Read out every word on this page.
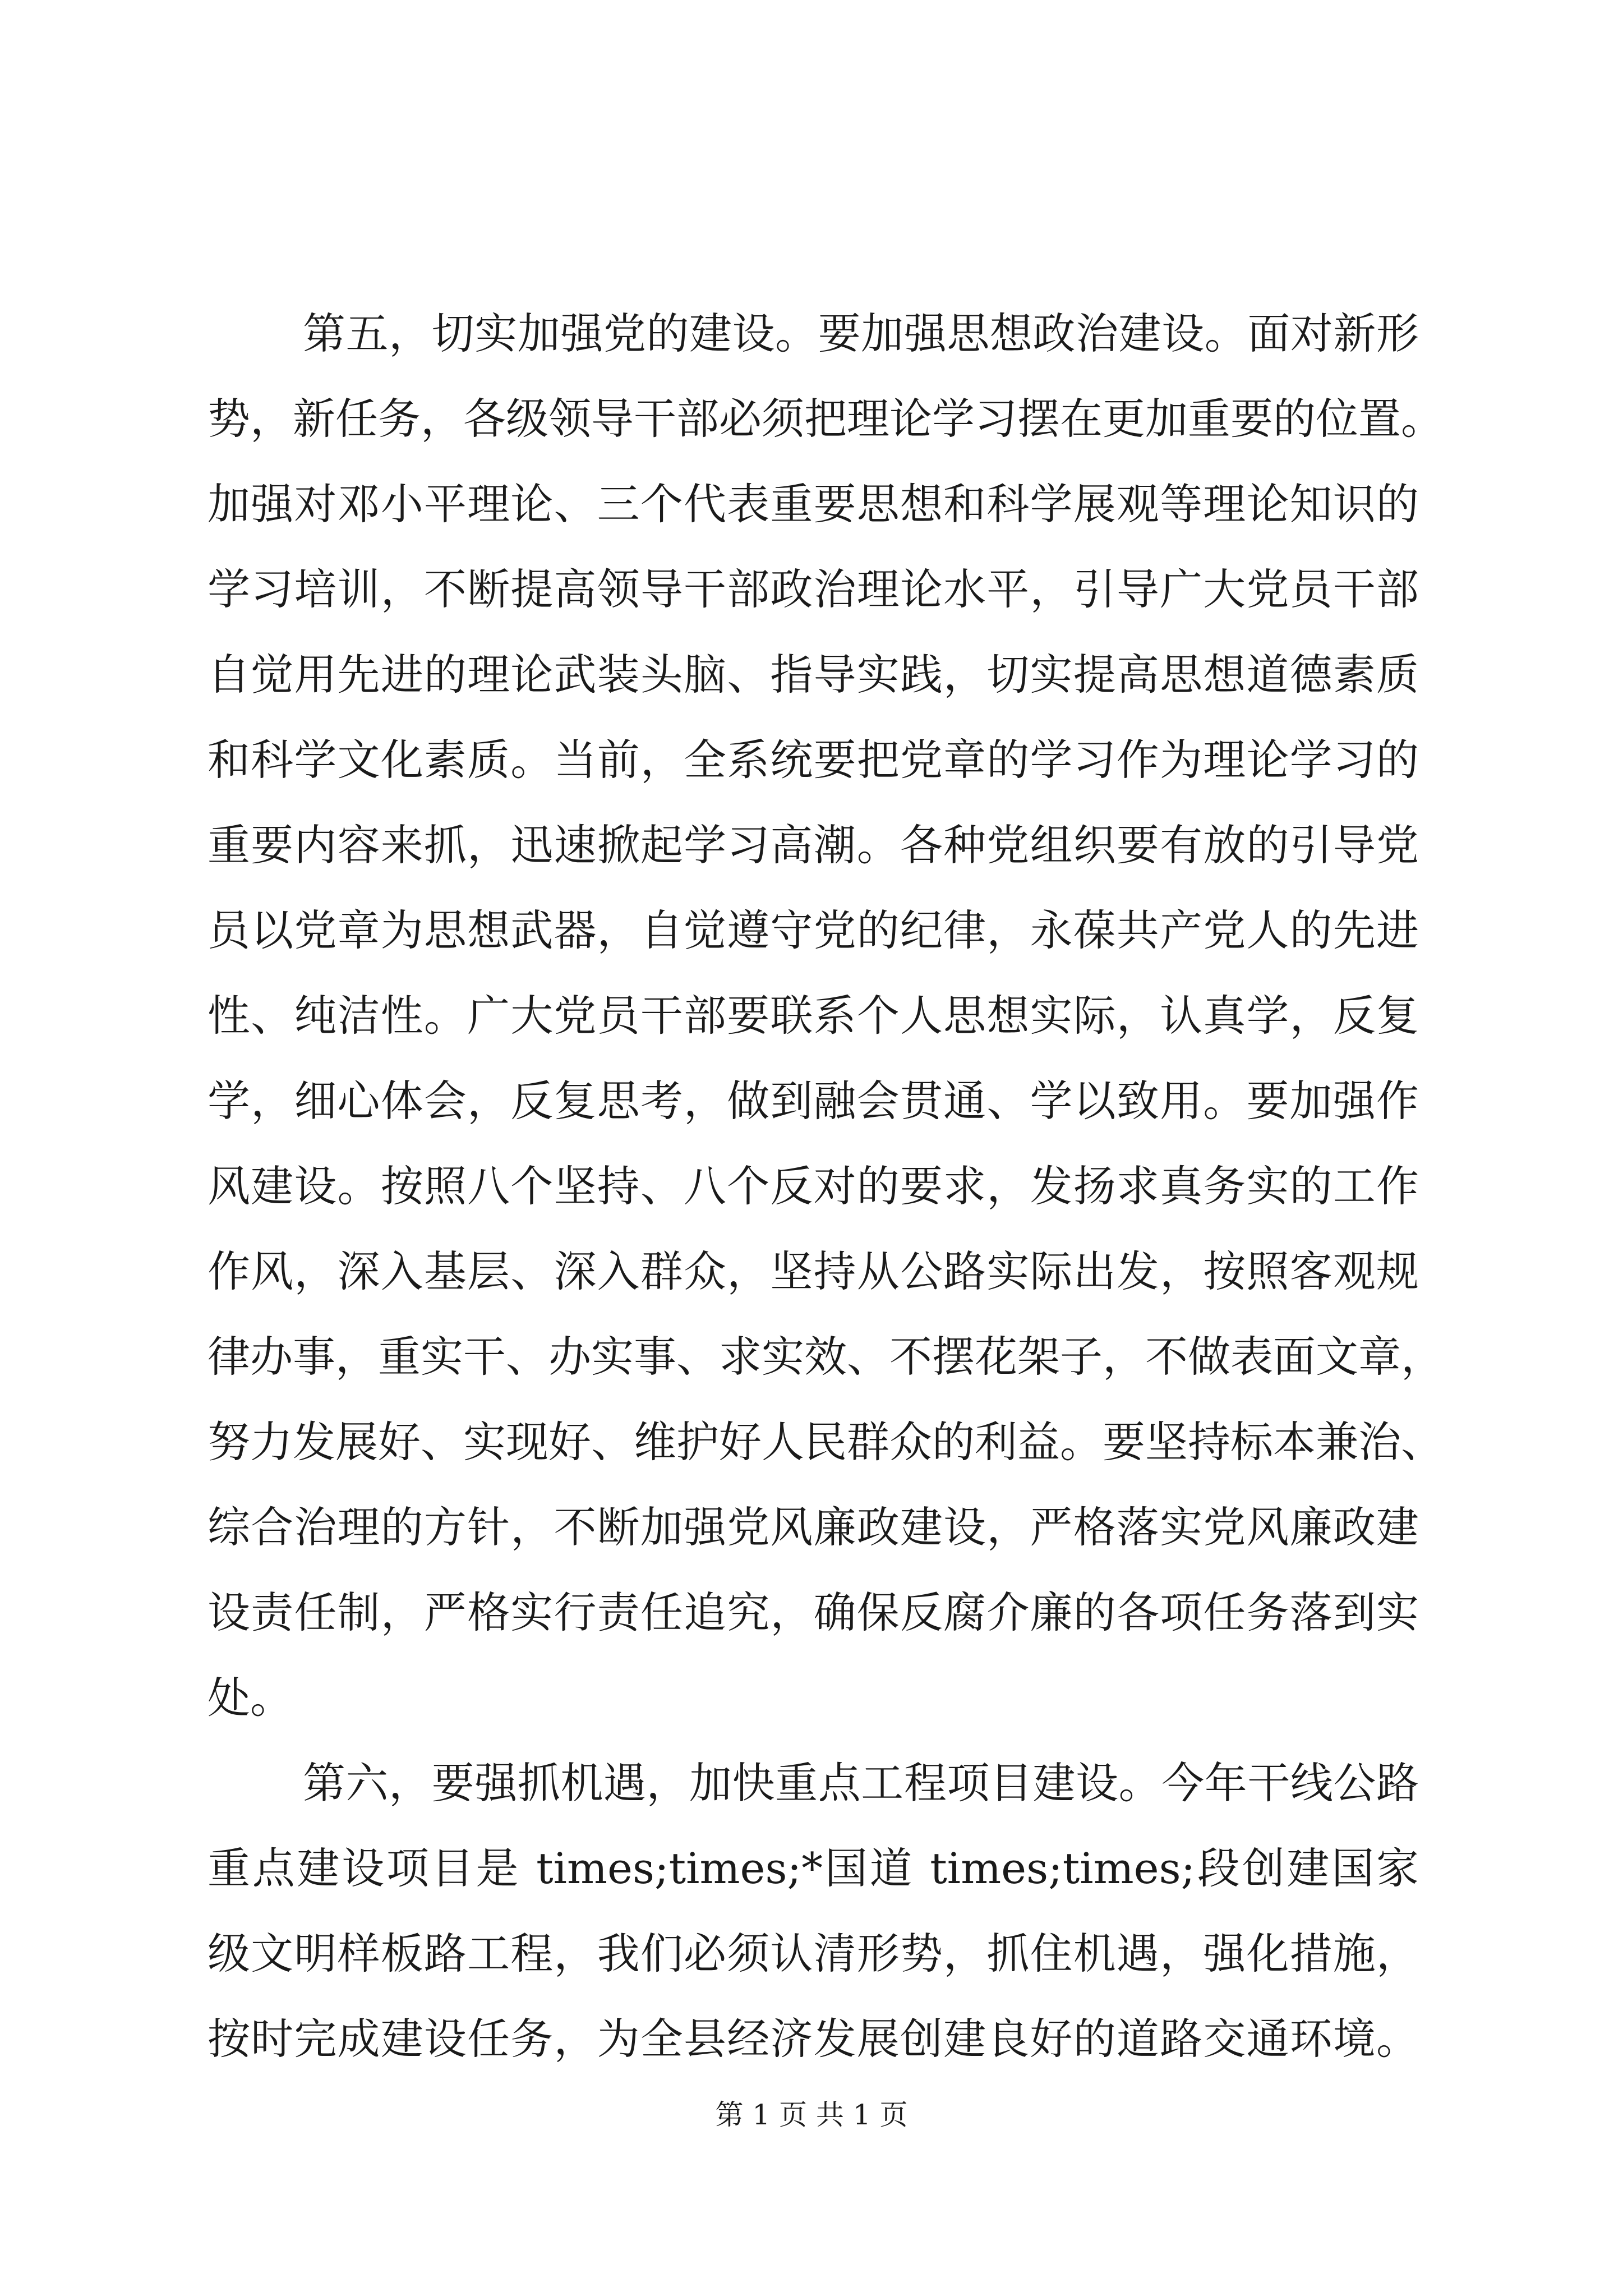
第五，切实加强党的建设。要加强思想政治建设。面对新形
势，新任务，各级领导干部必须把理论学习摆在更加重要的位置。
加强对邓小平理论、三个代表重要思想和科学展观等理论知识的
学习培训，不断提高领导干部政治理论水平，引导广大党员干部
自觉用先进的理论武装头脑、指导实践，切实提高思想道德素质
和科学文化素质。当前，全系统要把党章的学习作为理论学习的
重要内容来抓，迅速掀起学习高潮。各种党组织要有放的引导党
员以党章为思想武器，自觉遵守党的纪律，永葆共产党人的先进
性、纯洁性。广大党员干部要联系个人思想实际，认真学，反复
学，细心体会，反复思考，做到融会贯通、学以致用。要加强作
风建设。按照八个坚持、八个反对的要求，发扬求真务实的工作
作风，深入基层、深入群众，坚持从公路实际出发，按照客观规
律办事，重实干、办实事、求实效、不摆花架子，不做表面文章，
努力发展好、实现好、维护好人民群众的利益。要坚持标本兼治、
综合治理的方针，不断加强党风廉政建设，严格落实党风廉政建
设责任制，严格实行责任追究，确保反腐介廉的各项任务落到实
处。
第六，要强抓机遇，加快重点工程项目建设。今年干线公路
重点建设项目是 times;times;*国道 times;times;段创建国家
级文明样板路工程，我们必须认清形势，抓住机遇，强化措施，
按时完成建设任务，为全县经济发展创建良好的道路交通环境。
第 1 页 共 1 页
